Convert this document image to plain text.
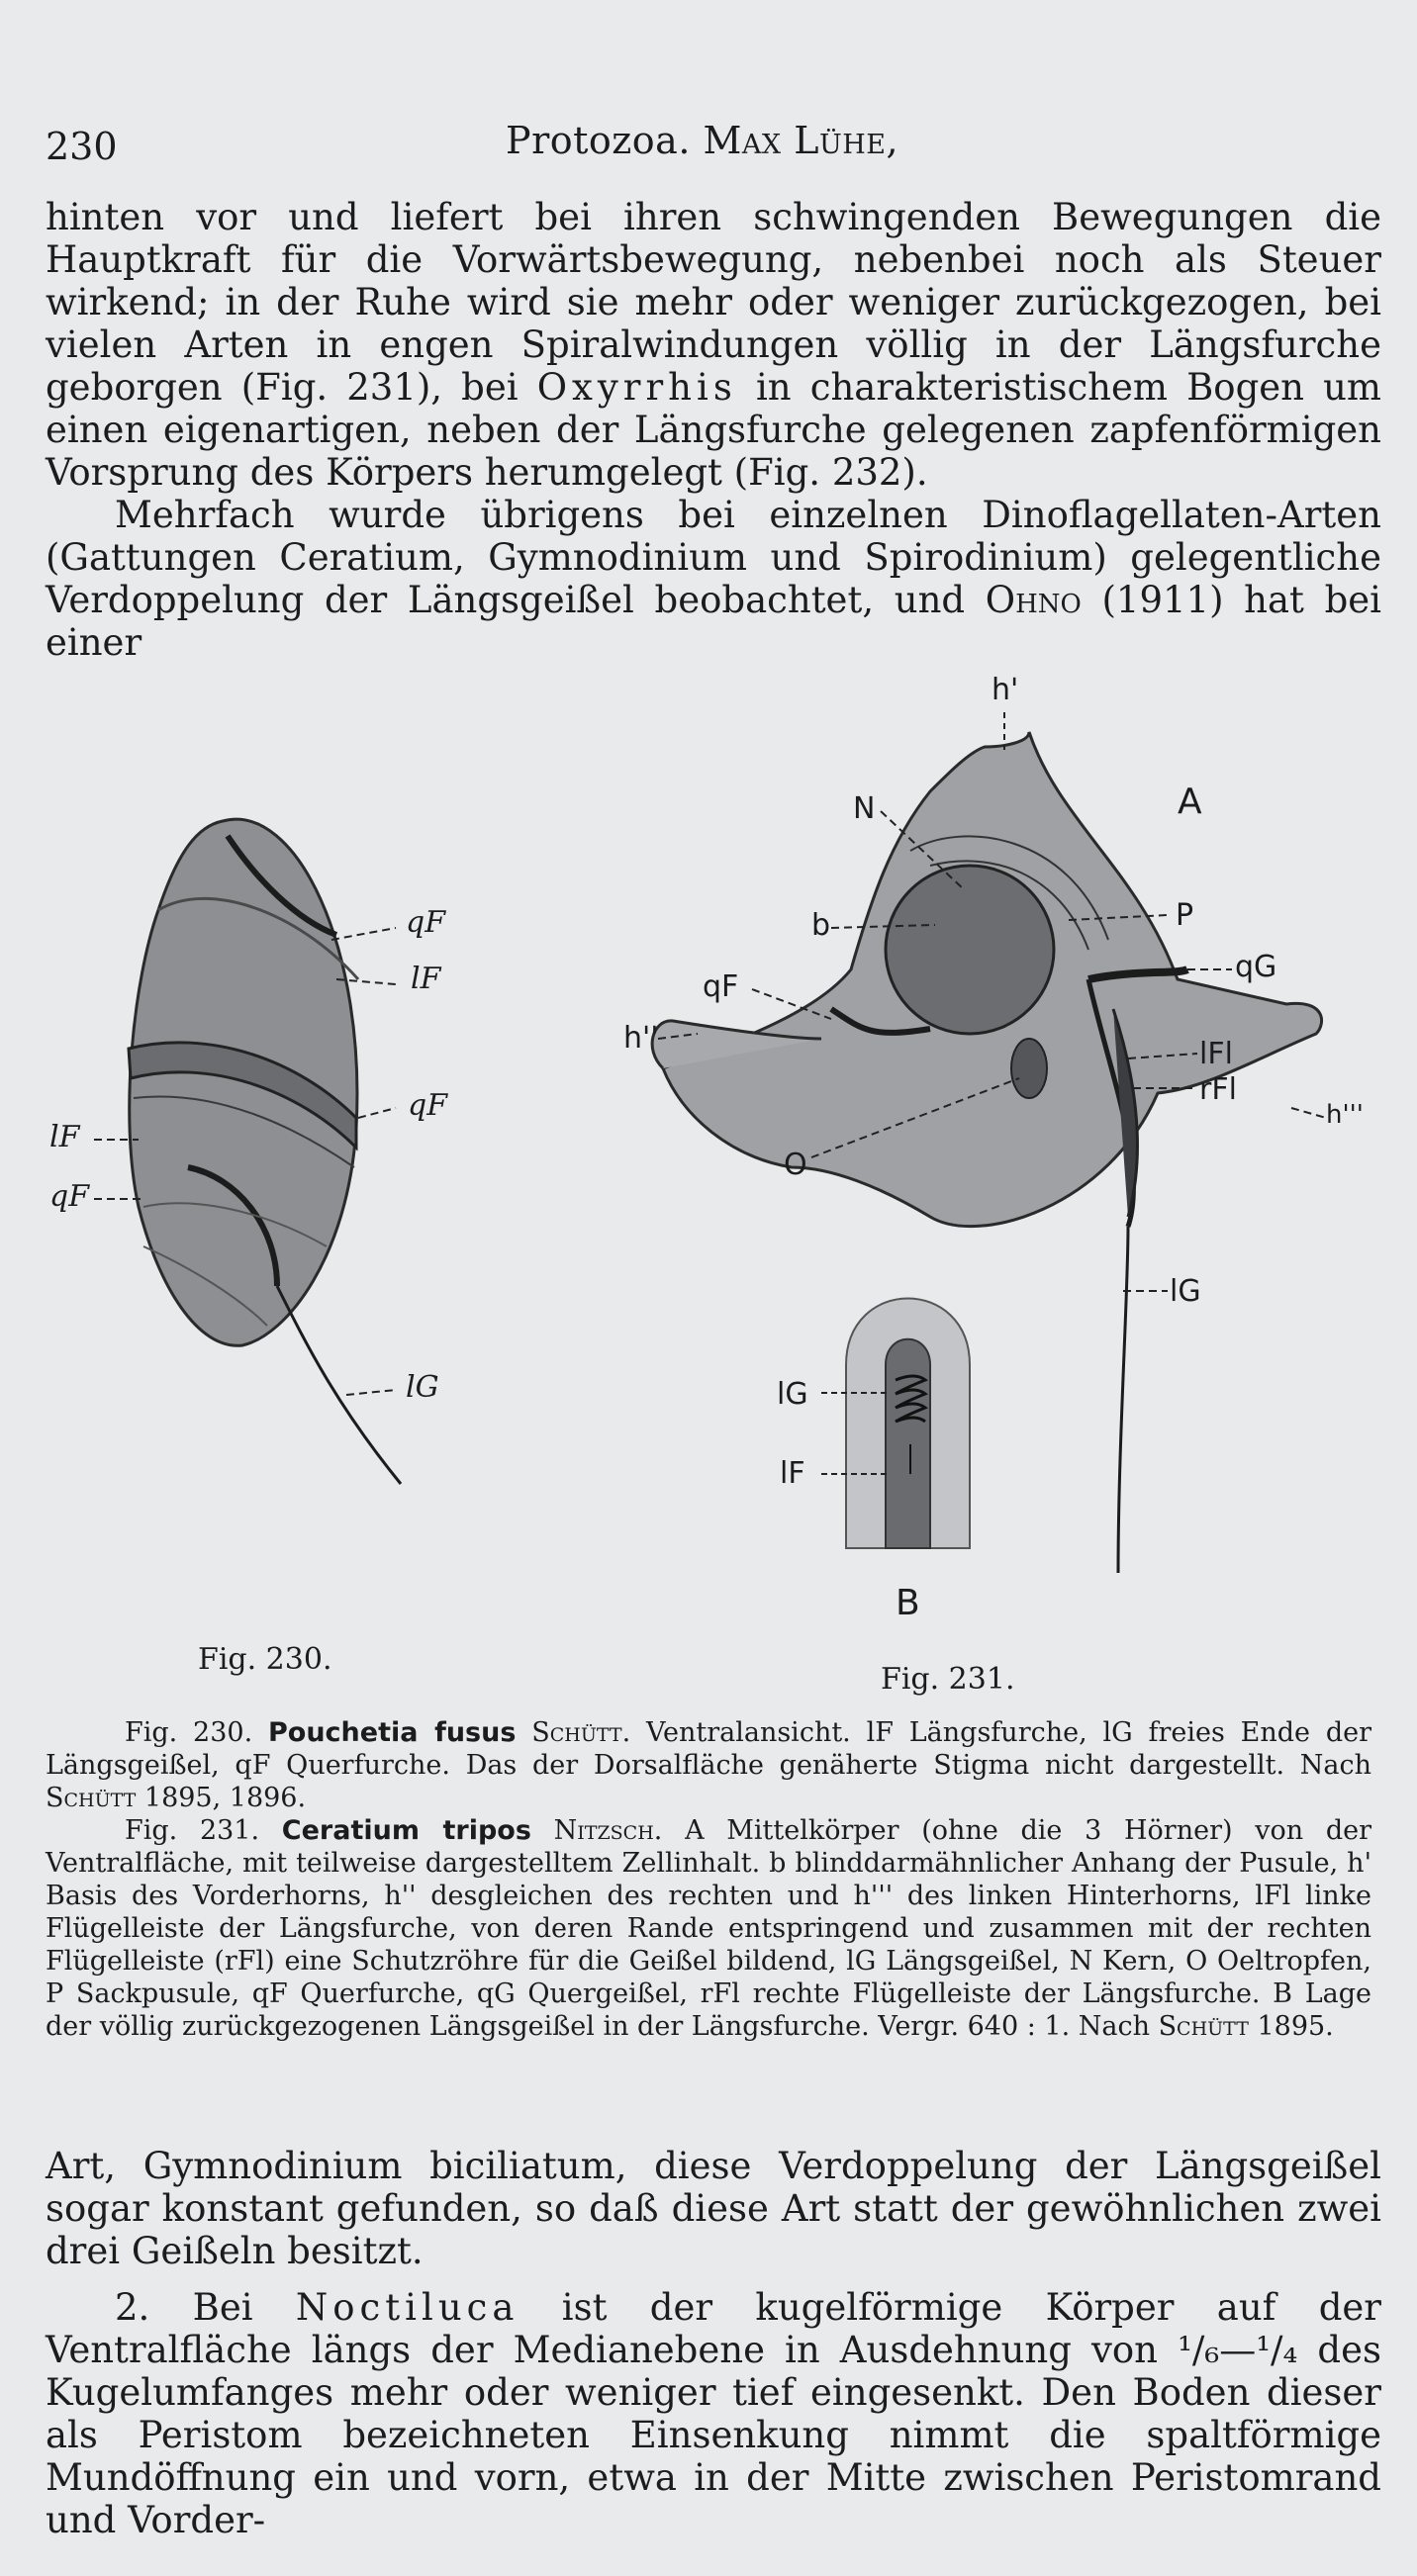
230	Protozoa. Max Lühe,

hinten vor und liefert bei ihren schwingenden Bewegungen die Hauptkraft für die Vorwärtsbewegung, nebenbei noch als Steuer wirkend; in der Ruhe wird sie mehr oder weniger zurückgezogen, bei vielen Arten in engen Spiralwindungen völlig in der Längsfurche geborgen (Fig. 231), bei Oxyrrhis in charakteristischem Bogen um einen eigenartigen, neben der Längsfurche gelegenen zapfenförmigen Vorsprung des Körpers herumgelegt (Fig. 232).

Mehrfach wurde übrigens bei einzelnen Dinoflagellaten-Arten (Gattungen Ceratium, Gymnodinium und Spirodinium) gelegentliche Verdoppelung der Längsgeißel beobachtet, und Ohno (1911) hat bei einer

qF
lF
qF
lF
qF
lG
h'
N	A
b	P
qF
qG
h''	lFl
rFl
h'''
O
lG
lG
lF
B
Fig. 230.
Fig. 231.

Fig. 230. Pouchetia fusus Schütt. Ventralansicht. lF Längsfurche, lG freies Ende der Längsgeißel, qF Querfurche. Das der Dorsalfläche genäherte Stigma nicht dargestellt. Nach Schütt 1895, 1896.

Fig. 231. Ceratium tripos Nitzsch. A Mittelkörper (ohne die 3 Hörner) von der Ventralfläche, mit teilweise dargestelltem Zellinhalt. b blinddarmähnlicher Anhang der Pusule, h' Basis des Vorderhorns, h'' desgleichen des rechten und h''' des linken Hinterhorns, lFl linke Flügelleiste der Längsfurche, von deren Rande entspringend und zusammen mit der rechten Flügelleiste (rFl) eine Schutzröhre für die Geißel bildend, lG Längsgeißel, N Kern, O Oeltropfen, P Sackpusule, qF Querfurche, qG Quergeißel, rFl rechte Flügelleiste der Längsfurche. B Lage der völlig zurückgezogenen Längsgeißel in der Längsfurche. Vergr. 640 : 1. Nach Schütt 1895.

Art, Gymnodinium biciliatum, diese Verdoppelung der Längsgeißel sogar konstant gefunden, so daß diese Art statt der gewöhnlichen zwei drei Geißeln besitzt.

2. Bei Noctiluca ist der kugelförmige Körper auf der Ventralfläche längs der Medianebene in Ausdehnung von ¹/₆—¹/₄ des Kugelumfanges mehr oder weniger tief eingesenkt. Den Boden dieser als Peristom bezeichneten Einsenkung nimmt die spaltförmige Mundöffnung ein und vorn, etwa in der Mitte zwischen Peristomrand und Vorder-
